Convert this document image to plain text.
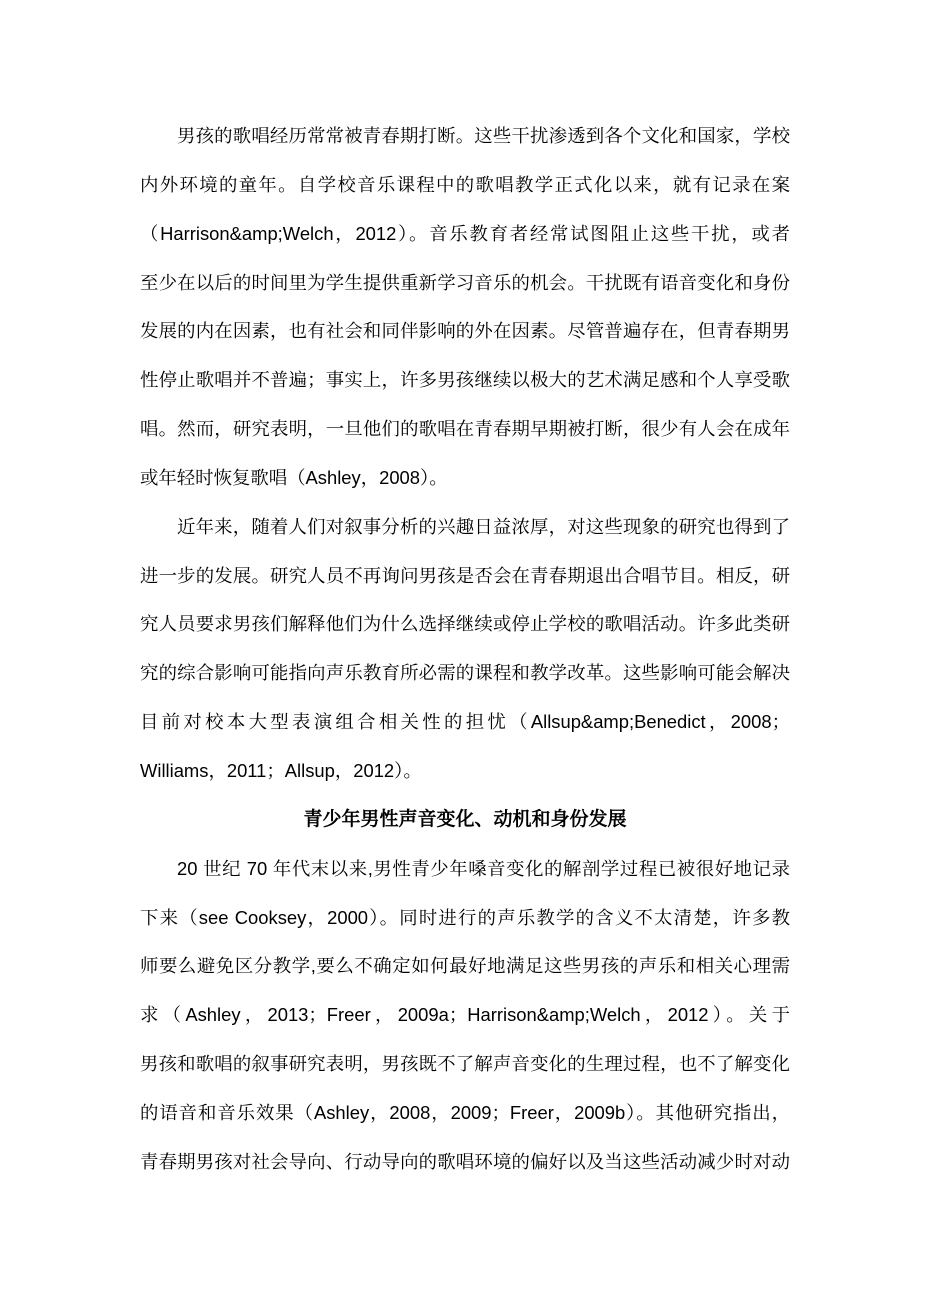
男孩的歌唱经历常常被青春期打断。这些干扰渗透到各个文化和国家，学校
内外环境的童年。自学校音乐课程中的歌唱教学正式化以来，就有记录在案
（Harrison&amp;Welch，2012）。音乐教育者经常试图阻止这些干扰，或者
至少在以后的时间里为学生提供重新学习音乐的机会。干扰既有语音变化和身份
发展的内在因素，也有社会和同伴影响的外在因素。尽管普遍存在，但青春期男
性停止歌唱并不普遍；事实上，许多男孩继续以极大的艺术满足感和个人享受歌
唱。然而，研究表明，一旦他们的歌唱在青春期早期被打断，很少有人会在成年
或年轻时恢复歌唱（Ashley，2008）。
近年来，随着人们对叙事分析的兴趣日益浓厚，对这些现象的研究也得到了
进一步的发展。研究人员不再询问男孩是否会在青春期退出合唱节目。相反，研
究人员要求男孩们解释他们为什么选择继续或停止学校的歌唱活动。许多此类研
究的综合影响可能指向声乐教育所必需的课程和教学改革。这些影响可能会解决
目前对校本大型表演组合相关性的担忧（Allsup&amp;Benedict，2008；
Williams，2011；Allsup，2012）。
青少年男性声音变化、动机和身份发展
20 世纪 70 年代末以来,男性青少年嗓音变化的解剖学过程已被很好地记录
下来（see Cooksey，2000）。同时进行的声乐教学的含义不太清楚，许多教
师要么避免区分教学,要么不确定如何最好地满足这些男孩的声乐和相关心理需
求（Ashley，2013；Freer，2009a；Harrison&amp;Welch，2012）。关于
男孩和歌唱的叙事研究表明，男孩既不了解声音变化的生理过程，也不了解变化
的语音和音乐效果（Ashley，2008，2009；Freer，2009b）。其他研究指出，
青春期男孩对社会导向、行动导向的歌唱环境的偏好以及当这些活动减少时对动
